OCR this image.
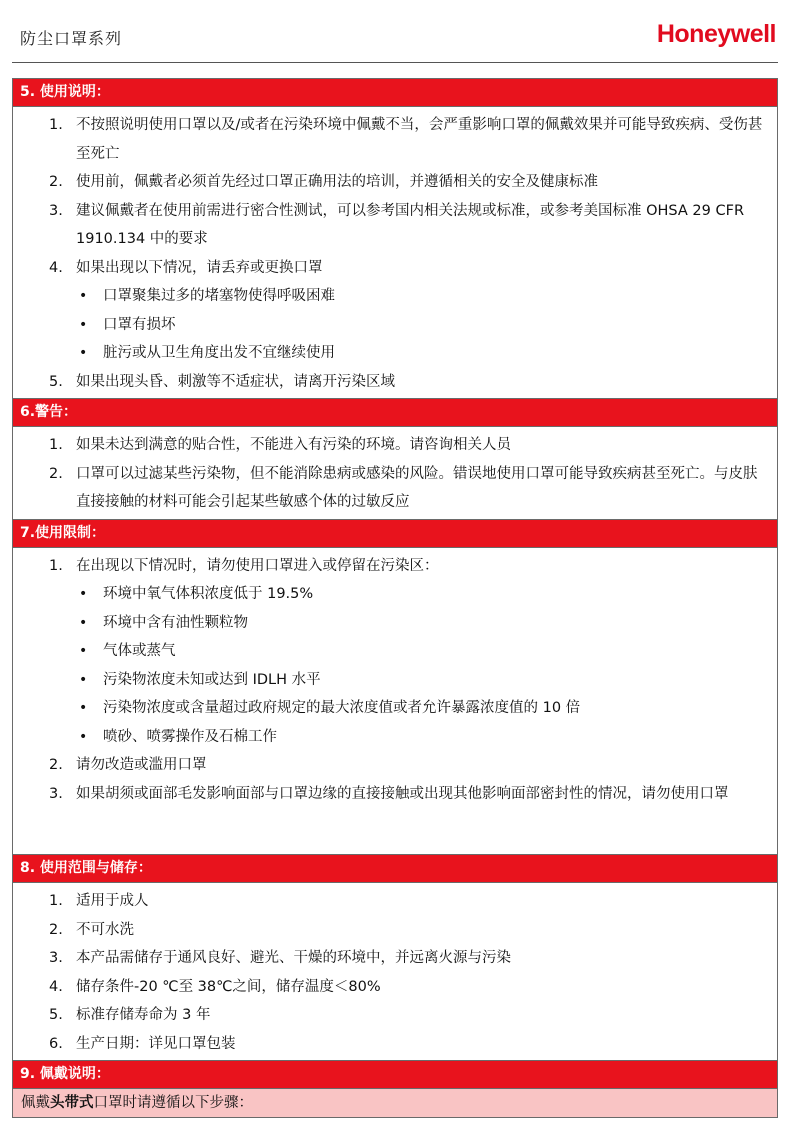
防尘口罩系列	Honeywell
5. 使用说明：
1. 不按照说明使用口罩以及/或者在污染环境中佩戴不当，会严重影响口罩的佩戴效果并可能导致疾病、受伤甚至死亡
2. 使用前，佩戴者必须首先经过口罩正确用法的培训，并遵循相关的安全及健康标准
3. 建议佩戴者在使用前需进行密合性测试，可以参考国内相关法规或标准，或参考美国标准 OHSA 29 CFR 1910.134 中的要求
4. 如果出现以下情况，请丢弃或更换口罩
• 口罩聚集过多的堵塞物使得呼吸困难
• 口罩有损坏
• 脏污或从卫生角度出发不宜继续使用
5. 如果出现头昏、刺激等不适症状，请离开污染区域
6.警告：
1. 如果未达到满意的贴合性，不能进入有污染的环境。请咨询相关人员
2. 口罩可以过滤某些污染物，但不能消除患病或感染的风险。错误地使用口罩可能导致疾病甚至死亡。与皮肤直接接触的材料可能会引起某些敏感个体的过敏反应
7.使用限制：
1. 在出现以下情况时，请勿使用口罩进入或停留在污染区：
• 环境中氧气体积浓度低于 19.5%
• 环境中含有油性颗粒物
• 气体或蒸气
• 污染物浓度未知或达到 IDLH 水平
• 污染物浓度或含量超过政府规定的最大浓度值或者允许暴露浓度值的 10 倍
• 喷砂、喷雾操作及石棉工作
2. 请勿改造或滥用口罩
3. 如果胡须或面部毛发影响面部与口罩边缘的直接接触或出现其他影响面部密封性的情况，请勿使用口罩
8. 使用范围与储存：
1. 适用于成人
2. 不可水洗
3. 本产品需储存于通风良好、避光、干燥的环境中，并远离火源与污染
4. 储存条件-20 ℃至 38℃之间，储存温度＜80%
5. 标准存储寿命为 3 年
6. 生产日期：详见口罩包装
9. 佩戴说明：
佩戴头带式口罩时请遵循以下步骤：
